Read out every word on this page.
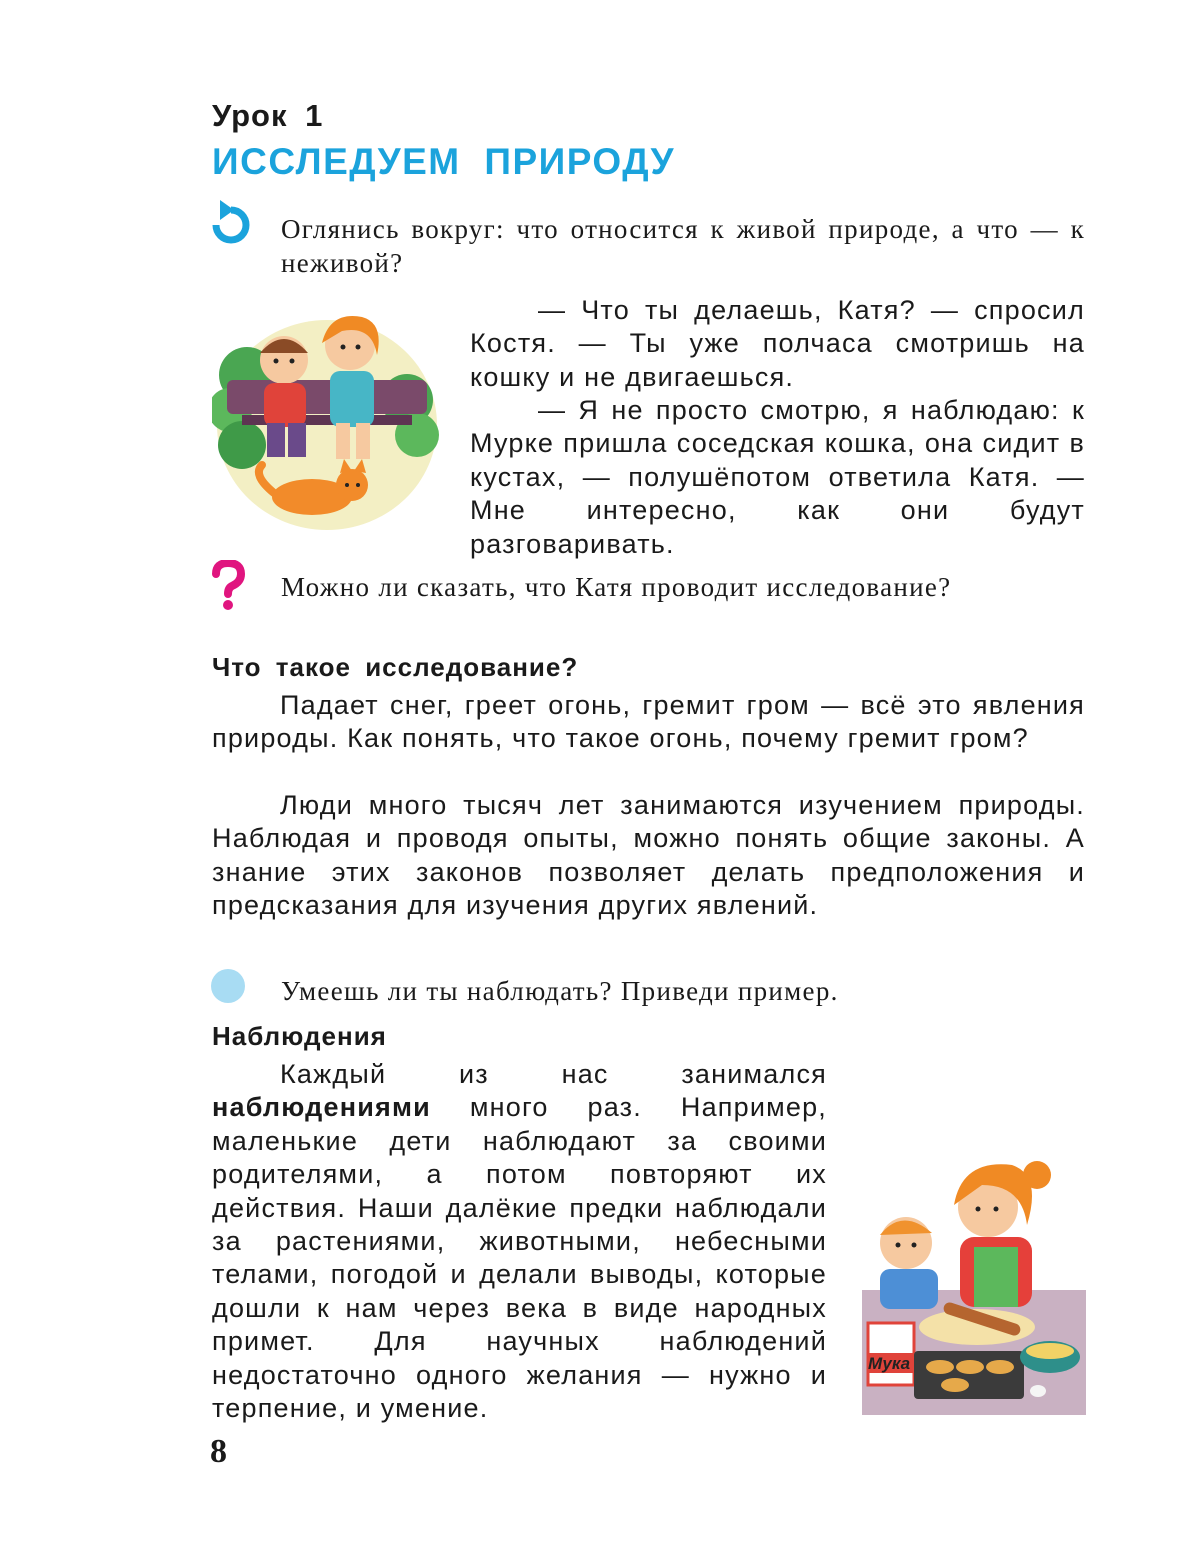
Урок 1
ИССЛЕДУЕМ ПРИРОДУ

Оглянись вокруг: что относится к живой природе, а что — к неживой?

— Что ты делаешь, Катя? — спросил Костя. — Ты уже полчаса смотришь на кошку и не двигаешься.

— Я не просто смотрю, я наблюдаю: к Мурке пришла соседская кошка, она сидит в кустах, — полушёпотом ответила Катя. — Мне интересно, как они будут разговаривать.

Можно ли сказать, что Катя проводит исследование?

Что такое исследование?

Падает снег, греет огонь, гремит гром — всё это явления природы. Как понять, что такое огонь, почему гремит гром?

Люди много тысяч лет занимаются изучением природы. Наблюдая и проводя опыты, можно понять общие законы. А знание этих законов позволяет делать предположения и предсказания для изучения других явлений.

Умеешь ли ты наблюдать? Приведи пример.

Наблюдения
Мука

Каждый из нас занимался наблюдениями много раз. Например, маленькие дети наблюдают за своими родителями, а потом повторяют их действия. Наши далёкие предки наблюдали за растениями, животными, небесными телами, погодой и делали выводы, которые дошли к нам через века в виде народных примет. Для научных наблюдений недостаточно одного желания — нужно и терпение, и умение.

8
